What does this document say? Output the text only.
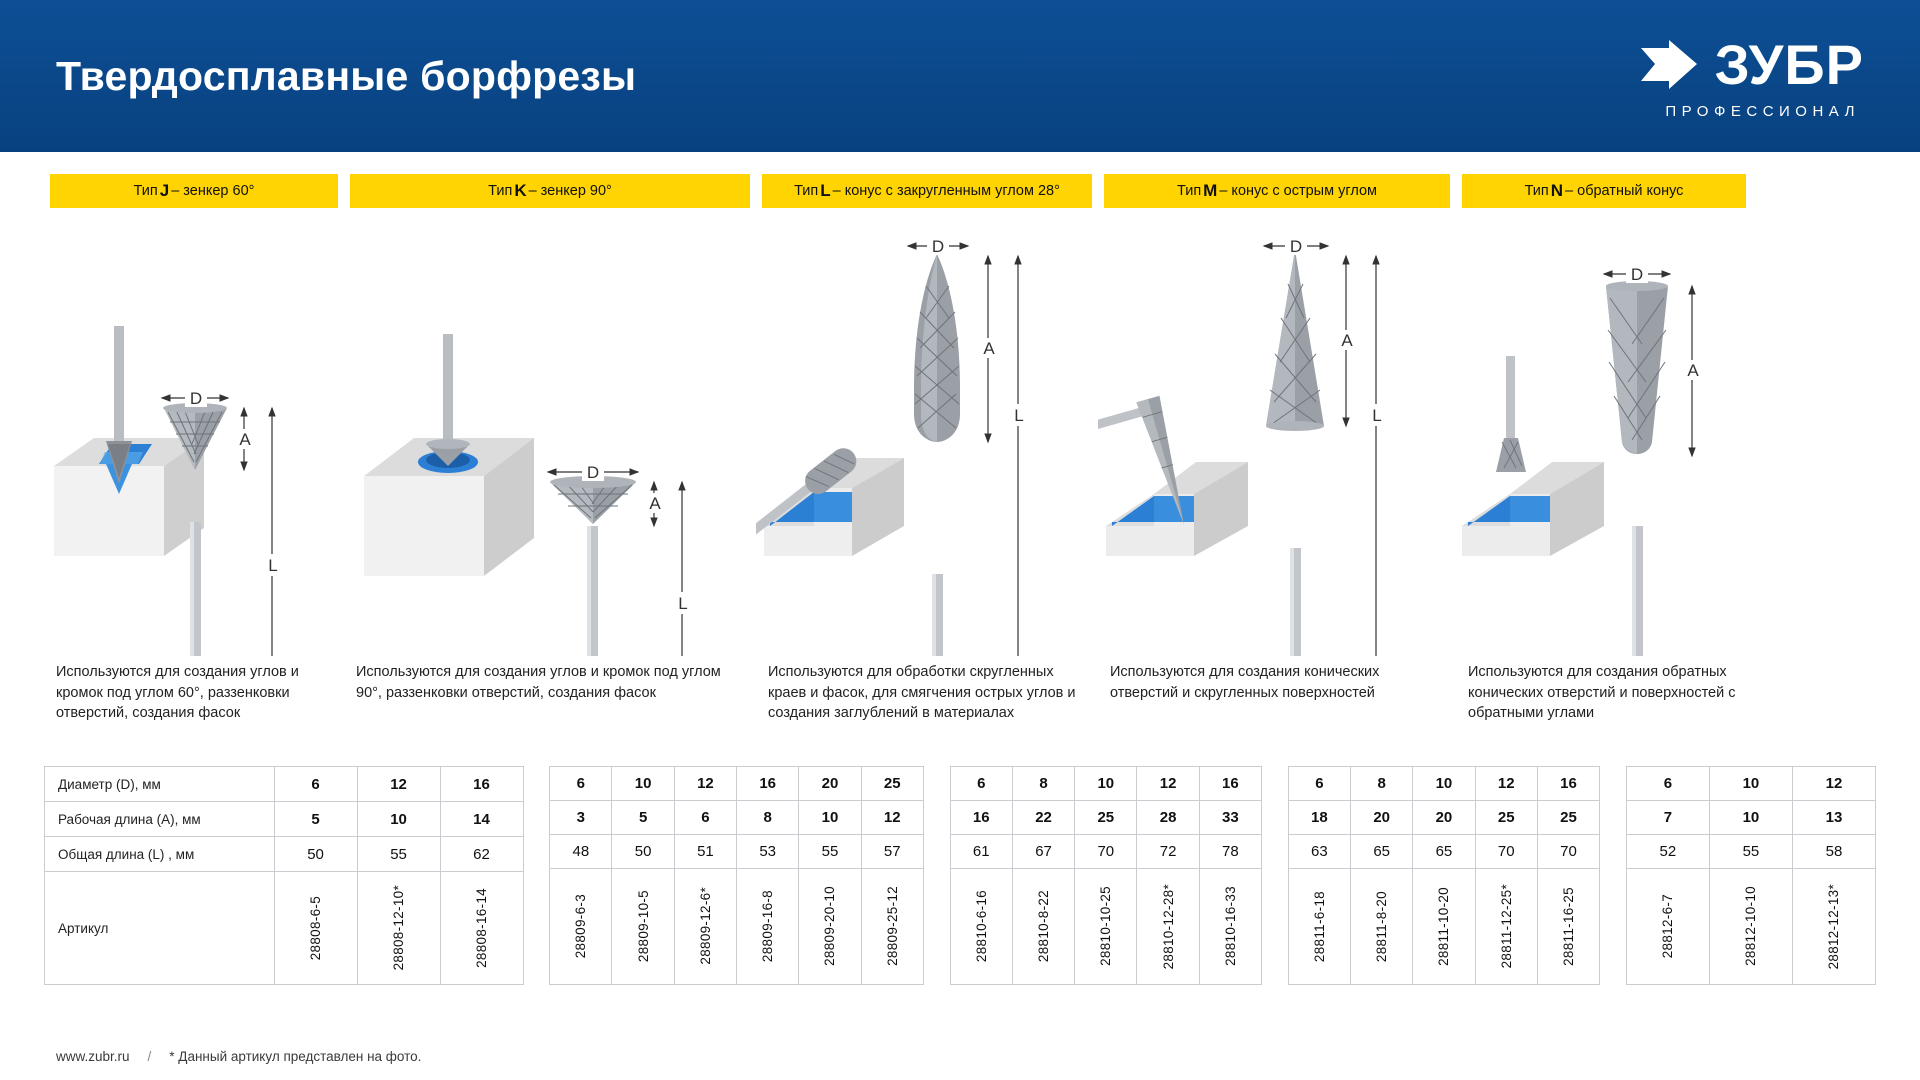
Твердосплавные борфрезы	ЗУБР
ПРОФЕССИОНАЛ
Тип J – зенкер 60°
D
A
L
Используются для создания углов и кромок под углом 60°, раззенковки отверстий, создания фасок
Тип K – зенкер 90°
D
A
L
Используются для создания углов и кромок под углом 90°, раззенковки отверстий, создания фасок
Тип L – конус с закругленным углом 28°
D
A
L
Используются для обработки скругленных краев и фасок, для смягчения острых углов и создания заглублений в материалах
Тип M – конус с острым углом
D
A
L
Используются для создания конических отверстий и скругленных поверхностей
Тип N – обратный конус
D
A
Используются для создания обратных конических отверстий и поверхностей с обратными углами
Диаметр (D), мм	6	12	16

Рабочая длина (A), мм	5	10	14

Общая длина (L) , мм	50	55	62

Артикул	28808-6-5	28808-12-10*	28808-16-14
6	10	12	16	20	25
3	5	6	8	10	12
48	50	51	53	55	57

28809-6-3	28809-10-5	28809-12-6*	28809-16-8	28809-20-10	28809-25-12
6	8	10	12	16
16	22	25	28	33
61	67	70	72	78

28810-6-16	28810-8-22	28810-10-25	28810-12-28*	28810-16-33
6	8	10	12	16
18	20	20	25	25
63	65	65	70	70

28811-6-18	28811-8-20	28811-10-20	28811-12-25*	28811-16-25
6	10	12
7	10	13
52	55	58

28812-6-7	28812-10-10	28812-12-13*
www.zubr.ru / * Данный артикул представлен на фото.
